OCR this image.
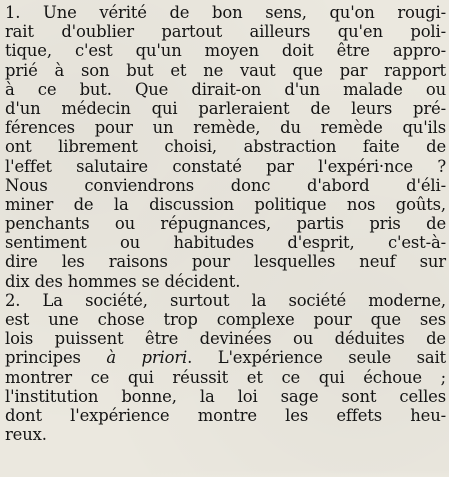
1. Une vérité de bon sens, qu'on rougi-
rait d'oublier partout ailleurs qu'en poli-
tique, c'est qu'un moyen doit être appro-
prié à son but et ne vaut que par rapport
à ce but. Que dirait-on d'un malade ou
d'un médecin qui parleraient de leurs pré-
férences pour un remède, du remède qu'ils
ont librement choisi, abstraction faite de
l'effet salutaire constaté par l'expéri·nce ?
Nous conviendrons donc d'abord d'éli-
miner de la discussion politique nos goûts,
penchants ou répugnances, partis pris de
sentiment ou habitudes d'esprit, c'est-à-
dire les raisons pour lesquelles neuf sur
dix des hommes se décident.
2. La société, surtout la société moderne,
est une chose trop complexe pour que ses
lois puissent être devinées ou déduites de
principes à priori. L'expérience seule sait
montrer ce qui réussit et ce qui échoue ;
l'institution bonne, la loi sage sont celles
dont l'expérience montre les effets heu-
reux.
